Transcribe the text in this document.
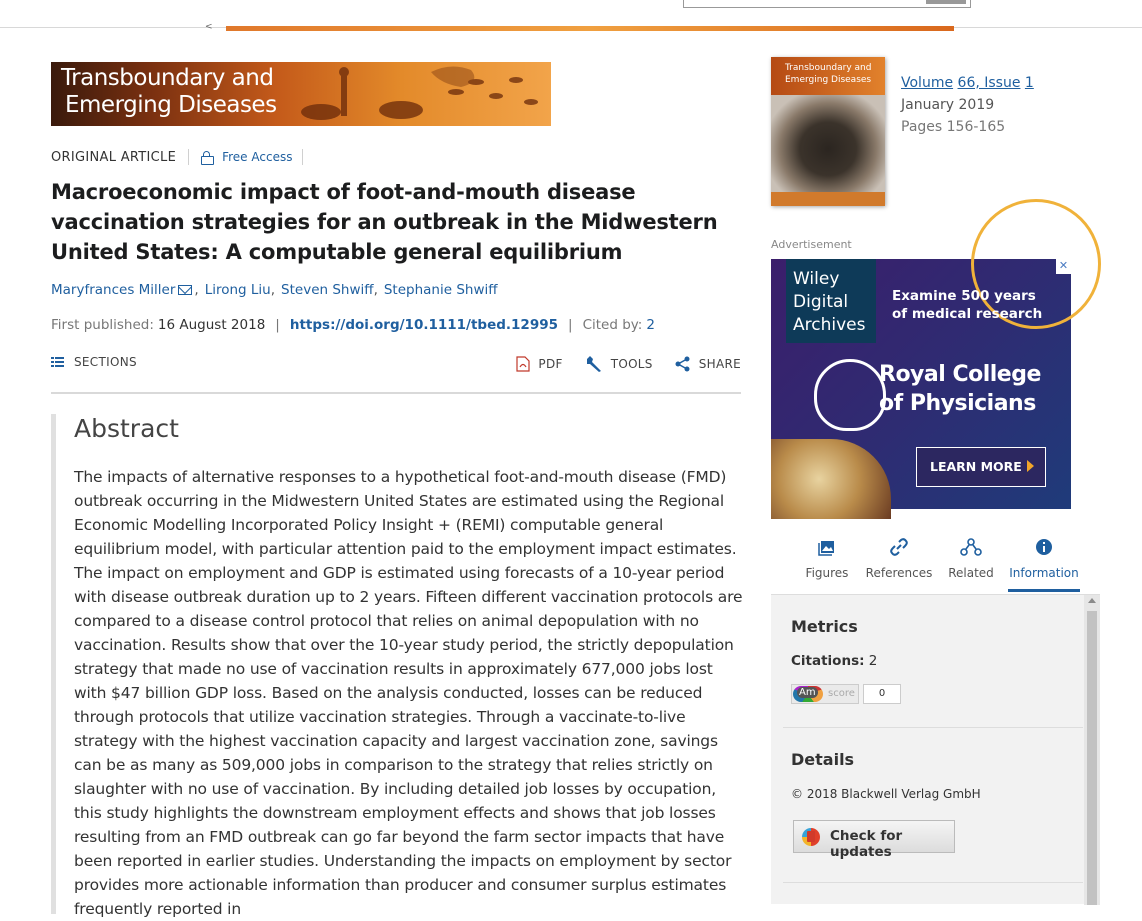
<
Transboundary and
Emerging Diseases
ORIGINAL ARTICLE	Free Access
Macroeconomic impact of foot‐and‐mouth disease vaccination strategies for an outbreak in the Midwestern United States: A computable general equilibrium
Maryfrances Miller , Lirong Liu , Steven Shwiff , Stephanie Shwiff
First published: 16 August 2018 | https://doi.org/10.1111/tbed.12995 | Cited by: 2
SECTIONS	PDF	TOOLS	SHARE
Abstract

The impacts of alternative responses to a hypothetical foot‐and‐mouth disease (FMD) outbreak occurring in the Midwestern United States are estimated using the Regional Economic Modelling Incorporated Policy Insight + (REMI) computable general equilibrium model, with particular attention paid to the employment impact estimates. The impact on employment and GDP is estimated using forecasts of a 10‐year period with disease outbreak duration up to 2 years. Fifteen different vaccination protocols are compared to a disease control protocol that relies on animal depopulation with no vaccination. Results show that over the 10‐year study period, the strictly depopulation strategy that made no use of vaccination results in approximately 677,000 jobs lost with $47 billion GDP loss. Based on the analysis conducted, losses can be reduced through protocols that utilize vaccination strategies. Through a vaccinate‐to‐live strategy with the highest vaccination capacity and largest vaccination zone, savings can be as many as 509,000 jobs in comparison to the strategy that relies strictly on slaughter with no use of vaccination. By including detailed job losses by occupation, this study highlights the downstream employment effects and shows that job losses resulting from an FMD outbreak can go far beyond the farm sector impacts that have been reported in earlier studies. Understanding the impacts on employment by sector provides more actionable information than producer and consumer surplus estimates frequently reported in

Transboundary and
Emerging Diseases Volume 66, Issue 1
January 2019
Pages 156-165
Advertisement
Wiley
Digital
Archives
Examine 500 years of medical research
✕
Royal College
of Physicians
LEARN MORE
Figures	References	Related	Information
Metrics
Citations: 2
Am score	0
Details
© 2018 Blackwell Verlag GmbH
Check for updates
